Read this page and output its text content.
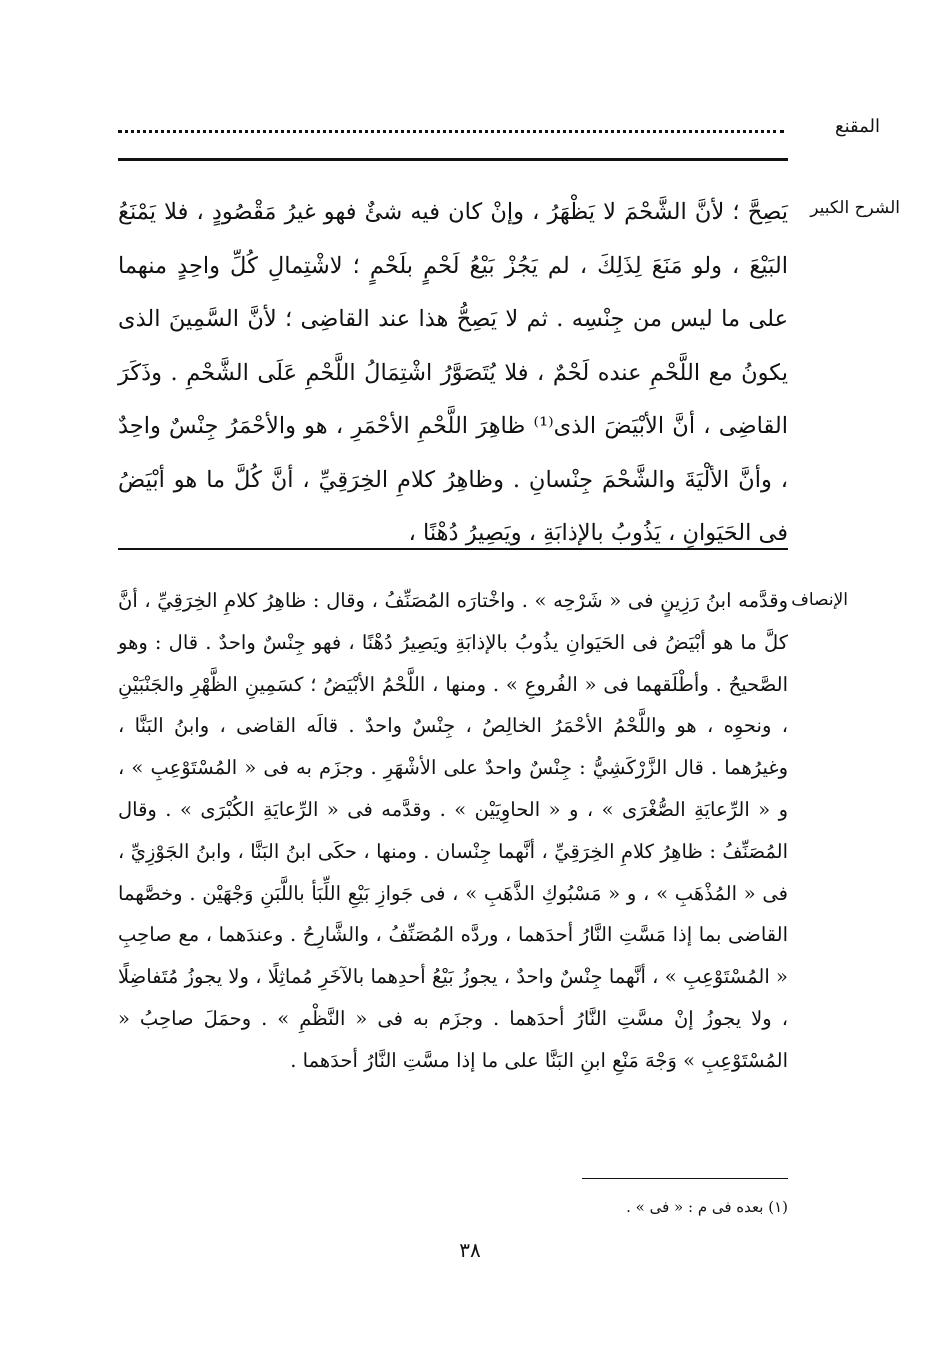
المقنع
الشرح الكبير

يَصِحَّ ؛ لأنَّ الشَّحْمَ لا يَظْهَرُ ، وإنْ كان فيه شئٌ فهو غيرُ مَقْصُودٍ ، فلا يَمْنَعُ البَيْعَ ، ولو مَنَعَ لِذَلِكَ ، لم يَجُزْ بَيْعُ لَحْمٍ بلَحْمٍ ؛ لاشْتِمالِ كُلِّ واحِدٍ منهما على ما ليس من جِنْسِه . ثم لا يَصِحُّ هذا عند القاضِى ؛ لأنَّ السَّمِينَ الذى يكونُ مع اللَّحْمِ عنده لَحْمٌ ، فلا يُتَصَوَّرُ اشْتِمَالُ اللَّحْمِ عَلَى الشَّحْمِ . وذَكَرَ القاضِى ، أنَّ الأبْيَضَ الذى⁽¹⁾ ظاهِرَ اللَّحْمِ الأحْمَرِ ، هو والأحْمَرُ جِنْسٌ واحِدٌ ، وأنَّ الألْيَةَ والشَّحْمَ جِنْسانِ . وظاهِرُ كلامِ الخِرَقِيِّ ، أنَّ كُلَّ ما هو أبْيَضُ فى الحَيَوانِ ، يَذُوبُ بالإذابَةِ ، ويَصِيرُ دُهْنًا ،

الإنصاف

وقدَّمه ابنُ رَزِينٍ فى « شَرْحِه » . واخْتارَه المُصَنِّفُ ، وقال : ظاهِرُ كلامِ الخِرَقِيِّ ، أنَّ كلَّ ما هو أبْيَضُ فى الحَيَوانِ يذُوبُ بالإذابَةِ ويَصِيرُ دُهْنًا ، فهو جِنْسٌ واحدٌ . قال : وهو الصَّحيحُ . وأطْلَقهما فى « الفُروعِ » . ومنها ، اللَّحْمُ الأبْيَضُ ؛ كسَمِينِ الظَّهْرِ والجَنْبَيْنِ ، ونحوِه ، هو واللَّحْمُ الأحْمَرُ الخالِصُ ، جِنْسٌ واحدٌ . قالَه القاضى ، وابنُ البَنَّا ، وغيرُهما . قال الزَّرْكَشِيُّ : جِنْسٌ واحدٌ على الأشْهَرِ . وجزَم به فى « المُسْتَوْعِبِ » ، و « الرِّعايَةِ الصُّغْرَى » ، و « الحاوِيَيْن » . وقدَّمه فى « الرِّعايَةِ الكُبْرَى » . وقال المُصَنِّفُ : ظاهِرُ كلامِ الخِرَقِيِّ ، أنَّهما جِنْسان . ومنها ، حكَى ابنُ البَنَّا ، وابنُ الجَوْزِيِّ ، فى « المُذْهَبِ » ، و « مَسْبُوكِ الذَّهَبِ » ، فى جَوازِ بَيْعِ اللِّبَأ باللَّبَنِ وَجْهَيْن . وخصَّهما القاضى بما إذا مَسَّتِ النَّارُ أحدَهما ، وردَّه المُصَنِّفُ ، والشَّارِحُ . وعندَهما ، مع صاحِبِ « المُسْتَوْعِبِ » ، أنَّهما جِنْسٌ واحدٌ ، يجوزُ بَيْعُ أحدِهما بالآخَرِ مُماثِلًا ، ولا يجوزُ مُتَفاضِلًا ، ولا يجوزُ إنْ مسَّتِ النَّارُ أحدَهما . وجزَم به فى « النَّظْمِ » . وحمَلَ صاحِبُ « المُسْتَوْعِبِ » وَجْهَ مَنْعِ ابنِ البَنَّا على ما إذا مسَّتِ النَّارُ أحدَهما .

(١) بعده فى م : « فى » .
٣٨
